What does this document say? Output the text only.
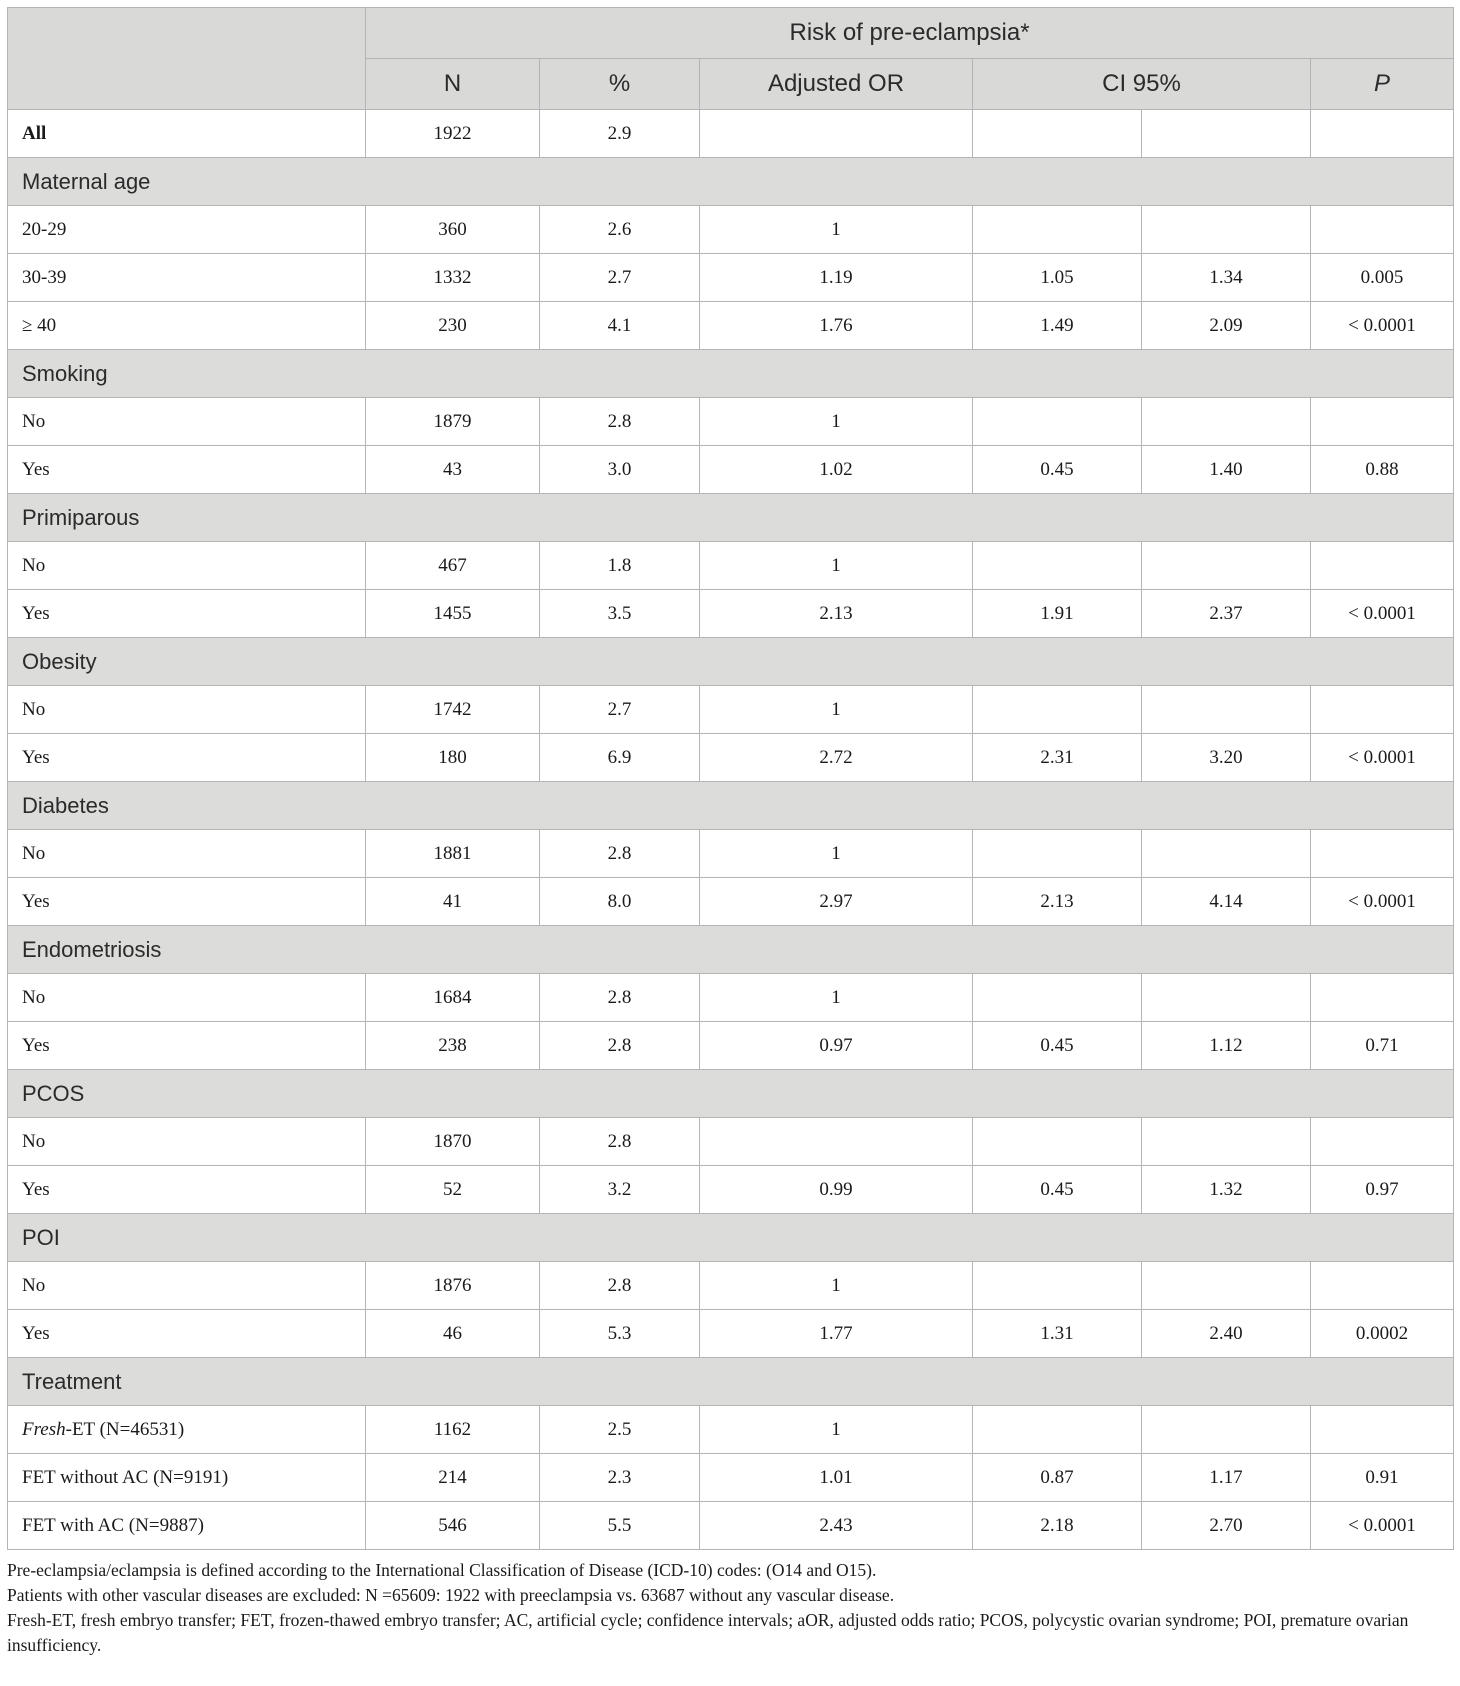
	Risk of pre-eclampsia*					
	N	%	Adjusted OR	CI 95%		P
All	1922	2.9				
Maternal age						
20-29	360	2.6	1			
30-39	1332	2.7	1.19	1.05	1.34	0.005
≥ 40	230	4.1	1.76	1.49	2.09	< 0.0001
Smoking						
No	1879	2.8	1			
Yes	43	3.0	1.02	0.45	1.40	0.88
Primiparous						
No	467	1.8	1			
Yes	1455	3.5	2.13	1.91	2.37	< 0.0001
Obesity						
No	1742	2.7	1			
Yes	180	6.9	2.72	2.31	3.20	< 0.0001
Diabetes						
No	1881	2.8	1			
Yes	41	8.0	2.97	2.13	4.14	< 0.0001
Endometriosis						
No	1684	2.8	1			
Yes	238	2.8	0.97	0.45	1.12	0.71
PCOS						
No	1870	2.8				
Yes	52	3.2	0.99	0.45	1.32	0.97
POI						
No	1876	2.8	1			
Yes	46	5.3	1.77	1.31	2.40	0.0002
Treatment						
Fresh-ET (N=46531)	1162	2.5	1			
FET without AC (N=9191)	214	2.3	1.01	0.87	1.17	0.91
FET with AC (N=9887)	546	5.5	2.43	2.18	2.70	< 0.0001

Pre-eclampsia/eclampsia is defined according to the International Classification of Disease (ICD-10) codes: (O14 and O15).

Patients with other vascular diseases are excluded: N =65609: 1922 with preeclampsia vs. 63687 without any vascular disease.

Fresh-ET, fresh embryo transfer; FET, frozen-thawed embryo transfer; AC, artificial cycle; confidence intervals; aOR, adjusted odds ratio; PCOS, polycystic ovarian syndrome; POI, premature ovarian insufficiency.
